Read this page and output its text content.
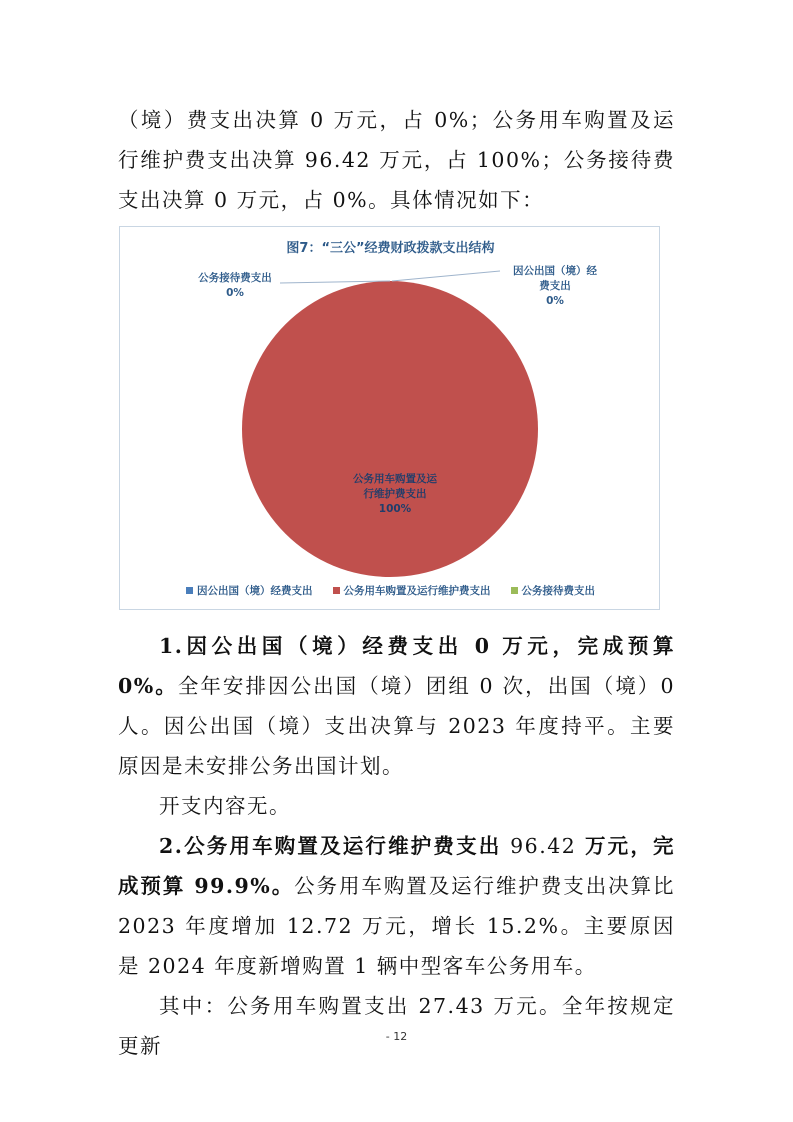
（境）费支出决算 0 万元，占 0%；公务用车购置及运行维护费支出决算 96.42 万元，占 100%；公务接待费支出决算 0 万元，占 0%。具体情况如下：

图7：“三公”经费财政拨款支出结构
公务接待费支出
0%
因公出国（境）经
费支出
0%
公务用车购置及运
行维护费支出
100%
因公出国（境）经费支出	公务用车购置及运行维护费支出	公务接待费支出

1.因公出国（境）经费支出 0 万元，完成预算 0%。全年安排因公出国（境）团组 0 次，出国（境）0 人。因公出国（境）支出决算与 2023 年度持平。主要原因是未安排公务出国计划。

开支内容无。

2.公务用车购置及运行维护费支出 96.42 万元，完成预算 99.9%。公务用车购置及运行维护费支出决算比 2023 年度增加 12.72 万元，增长 15.2%。主要原因是 2024 年度新增购置 1 辆中型客车公务用车。

其中：公务用车购置支出 27.43 万元。全年按规定更新	- 12
